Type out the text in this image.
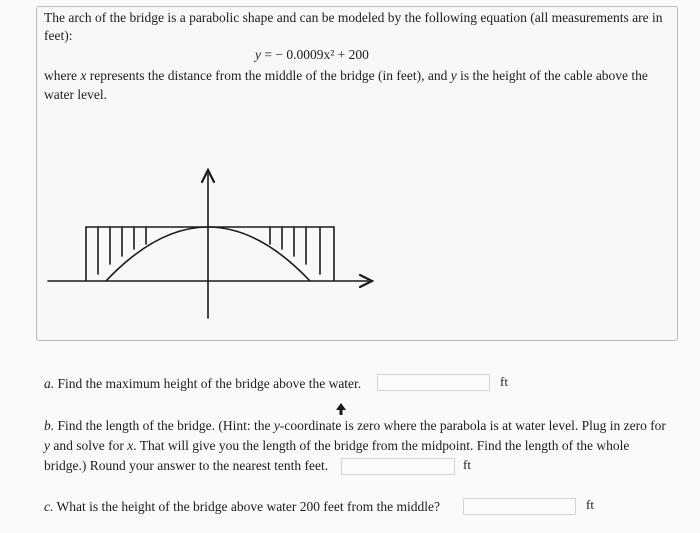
The arch of the bridge is a parabolic shape and can be modeled by the following equation (all measurements are in feet):

y = − 0.0009x² + 200
where x represents the distance from the middle of the bridge (in feet), and y is the height of the cable above the water level.
a. Find the maximum height of the bridge above the water.	ft
b. Find the length of the bridge. (Hint: the y-coordinate is zero where the parabola is at water level. Plug in zero for y and solve for x. That will give you the length of the bridge from the midpoint. Find the length of the whole bridge.) Round your answer to the nearest tenth feet.	ft
c. What is the height of the bridge above water 200 feet from the middle?	ft
